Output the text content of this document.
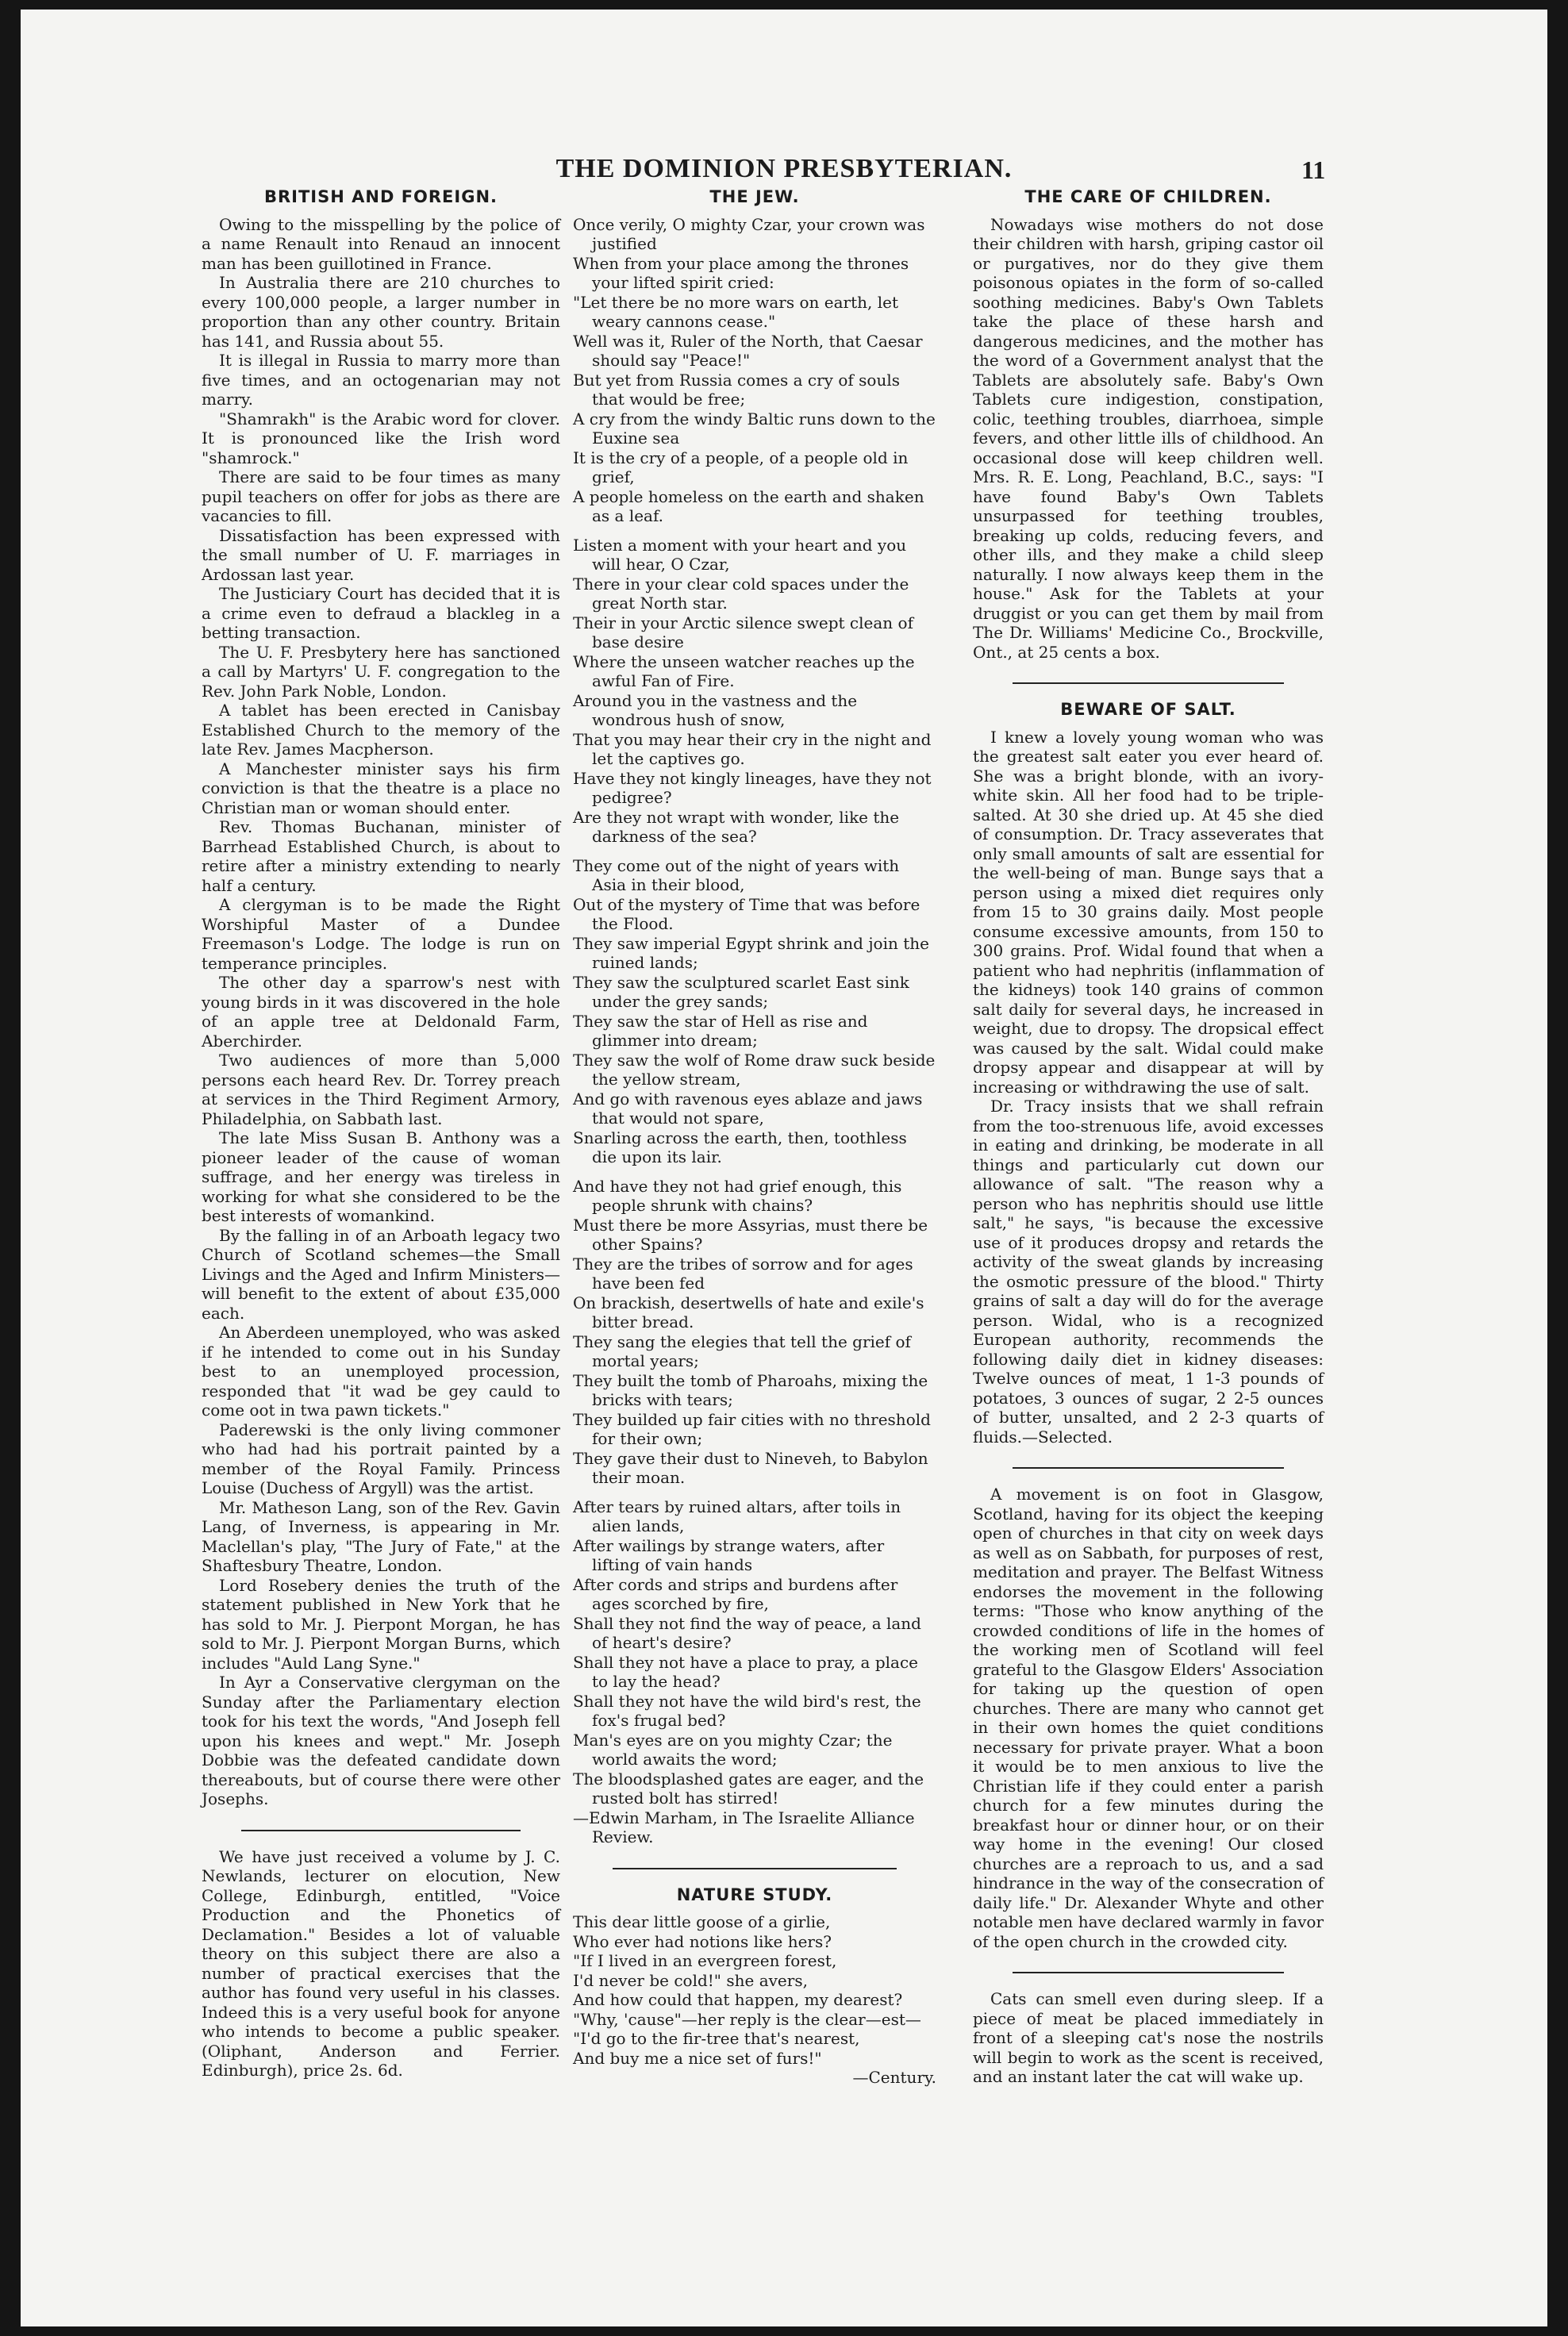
THE DOMINION PRESBYTERIAN.	11
BRITISH AND FOREIGN.

Owing to the misspelling by the police of a name Renault into Renaud an innocent man has been guillotined in France.

In Australia there are 210 churches to every 100,000 people, a larger number in proportion than any other country. Britain has 141, and Russia about 55.

It is illegal in Russia to marry more than five times, and an octogenarian may not marry.

"Shamrakh" is the Arabic word for clover. It is pronounced like the Irish word "shamrock."

There are said to be four times as many pupil teachers on offer for jobs as there are vacancies to fill.

Dissatisfaction has been expressed with the small number of U. F. marriages in Ardossan last year.

The Justiciary Court has decided that it is a crime even to defraud a blackleg in a betting transaction.

The U. F. Presbytery here has sanctioned a call by Martyrs' U. F. congregation to the Rev. John Park Noble, London.

A tablet has been erected in Canisbay Established Church to the memory of the late Rev. James Macpherson.

A Manchester minister says his firm conviction is that the theatre is a place no Christian man or woman should enter.

Rev. Thomas Buchanan, minister of Barrhead Established Church, is about to retire after a ministry extending to nearly half a century.

A clergyman is to be made the Right Worshipful Master of a Dundee Freemason's Lodge. The lodge is run on temperance principles.

The other day a sparrow's nest with young birds in it was discovered in the hole of an apple tree at Deldonald Farm, Aberchirder.

Two audiences of more than 5,000 persons each heard Rev. Dr. Torrey preach at services in the Third Regiment Armory, Philadelphia, on Sabbath last.

The late Miss Susan B. Anthony was a pioneer leader of the cause of woman suffrage, and her energy was tireless in working for what she considered to be the best interests of womankind.

By the falling in of an Arboath legacy two Church of Scotland schemes—the Small Livings and the Aged and Infirm Ministers—will benefit to the extent of about £35,000 each.

An Aberdeen unemployed, who was asked if he intended to come out in his Sunday best to an unemployed procession, responded that "it wad be gey cauld to come oot in twa pawn tickets."

Paderewski is the only living commoner who had had his portrait painted by a member of the Royal Family. Princess Louise (Duchess of Argyll) was the artist.

Mr. Matheson Lang, son of the Rev. Gavin Lang, of Inverness, is appearing in Mr. Maclellan's play, "The Jury of Fate," at the Shaftesbury Theatre, London.

Lord Rosebery denies the truth of the statement published in New York that he has sold to Mr. J. Pierpont Morgan, he has sold to Mr. J. Pierpont Morgan Burns, which includes "Auld Lang Syne."

In Ayr a Conservative clergyman on the Sunday after the Parliamentary election took for his text the words, "And Joseph fell upon his knees and wept." Mr. Joseph Dobbie was the defeated candidate down thereabouts, but of course there were other Josephs.

We have just received a volume by J. C. Newlands, lecturer on elocution, New College, Edinburgh, entitled, "Voice Production and the Phonetics of Declamation." Besides a lot of valuable theory on this subject there are also a number of practical exercises that the author has found very useful in his classes. Indeed this is a very useful book for anyone who intends to become a public speaker. (Oliphant, Anderson and Ferrier. Edinburgh), price 2s. 6d.

THE JEW.

Once verily, O mighty Czar, your crown was justified

When from your place among the thrones your lifted spirit cried:

"Let there be no more wars on earth, let weary cannons cease."

Well was it, Ruler of the North, that Caesar should say "Peace!"

But yet from Russia comes a cry of souls that would be free;

A cry from the windy Baltic runs down to the Euxine sea

It is the cry of a people, of a people old in grief,

A people homeless on the earth and shaken as a leaf.

Listen a moment with your heart and you will hear, O Czar,

There in your clear cold spaces under the great North star.

Their in your Arctic silence swept clean of base desire

Where the unseen watcher reaches up the awful Fan of Fire.

Around you in the vastness and the wondrous hush of snow,

That you may hear their cry in the night and let the captives go.

Have they not kingly lineages, have they not pedigree?

Are they not wrapt with wonder, like the darkness of the sea?

They come out of the night of years with Asia in their blood,

Out of the mystery of Time that was before the Flood.

They saw imperial Egypt shrink and join the ruined lands;

They saw the sculptured scarlet East sink under the grey sands;

They saw the star of Hell as rise and glimmer into dream;

They saw the wolf of Rome draw suck beside the yellow stream,

And go with ravenous eyes ablaze and jaws that would not spare,

Snarling across the earth, then, toothless die upon its lair.

And have they not had grief enough, this people shrunk with chains?

Must there be more Assyrias, must there be other Spains?

They are the tribes of sorrow and for ages have been fed

On brackish, desertwells of hate and exile's bitter bread.

They sang the elegies that tell the grief of mortal years;

They built the tomb of Pharoahs, mixing the bricks with tears;

They builded up fair cities with no threshold for their own;

They gave their dust to Nineveh, to Babylon their moan.

After tears by ruined altars, after toils in alien lands,

After wailings by strange waters, after lifting of vain hands

After cords and strips and burdens after ages scorched by fire,

Shall they not find the way of peace, a land of heart's desire?

Shall they not have a place to pray, a place to lay the head?

Shall they not have the wild bird's rest, the fox's frugal bed?

Man's eyes are on you mighty Czar; the world awaits the word;

The bloodsplashed gates are eager, and the rusted bolt has stirred!

—Edwin Marham, in The Israelite Alliance Review.

NATURE STUDY.

This dear little goose of a girlie,

Who ever had notions like hers?

"If I lived in an evergreen forest,

I'd never be cold!" she avers,

And how could that happen, my dearest?

"Why, 'cause"—her reply is the clear—est—

"I'd go to the fir-tree that's nearest,

And buy me a nice set of furs!"

—Century.

THE CARE OF CHILDREN.

Nowadays wise mothers do not dose their children with harsh, griping castor oil or purgatives, nor do they give them poisonous opiates in the form of so-called soothing medicines. Baby's Own Tablets take the place of these harsh and dangerous medicines, and the mother has the word of a Government analyst that the Tablets are absolutely safe. Baby's Own Tablets cure indigestion, constipation, colic, teething troubles, diarrhoea, simple fevers, and other little ills of childhood. An occasional dose will keep children well. Mrs. R. E. Long, Peachland, B.C., says: "I have found Baby's Own Tablets unsurpassed for teething troubles, breaking up colds, reducing fevers, and other ills, and they make a child sleep naturally. I now always keep them in the house." Ask for the Tablets at your druggist or you can get them by mail from The Dr. Williams' Medicine Co., Brockville, Ont., at 25 cents a box.

BEWARE OF SALT.

I knew a lovely young woman who was the greatest salt eater you ever heard of. She was a bright blonde, with an ivory-white skin. All her food had to be triple-salted. At 30 she dried up. At 45 she died of consumption. Dr. Tracy asseverates that only small amounts of salt are essential for the well-being of man. Bunge says that a person using a mixed diet requires only from 15 to 30 grains daily. Most people consume excessive amounts, from 150 to 300 grains. Prof. Widal found that when a patient who had nephritis (inflammation of the kidneys) took 140 grains of common salt daily for several days, he increased in weight, due to dropsy. The dropsical effect was caused by the salt. Widal could make dropsy appear and disappear at will by increasing or withdrawing the use of salt.

Dr. Tracy insists that we shall refrain from the too-strenuous life, avoid excesses in eating and drinking, be moderate in all things and particularly cut down our allowance of salt. "The reason why a person who has nephritis should use little salt," he says, "is because the excessive use of it produces dropsy and retards the activity of the sweat glands by increasing the osmotic pressure of the blood." Thirty grains of salt a day will do for the average person. Widal, who is a recognized European authority, recommends the following daily diet in kidney diseases: Twelve ounces of meat, 1 1-3 pounds of potatoes, 3 ounces of sugar, 2 2-5 ounces of butter, unsalted, and 2 2-3 quarts of fluids.—Selected.

A movement is on foot in Glasgow, Scotland, having for its object the keeping open of churches in that city on week days as well as on Sabbath, for purposes of rest, meditation and prayer. The Belfast Witness endorses the movement in the following terms: "Those who know anything of the crowded conditions of life in the homes of the working men of Scotland will feel grateful to the Glasgow Elders' Association for taking up the question of open churches. There are many who cannot get in their own homes the quiet conditions necessary for private prayer. What a boon it would be to men anxious to live the Christian life if they could enter a parish church for a few minutes during the breakfast hour or dinner hour, or on their way home in the evening! Our closed churches are a reproach to us, and a sad hindrance in the way of the consecration of daily life." Dr. Alexander Whyte and other notable men have declared warmly in favor of the open church in the crowded city.

Cats can smell even during sleep. If a piece of meat be placed immediately in front of a sleeping cat's nose the nostrils will begin to work as the scent is received, and an instant later the cat will wake up.
